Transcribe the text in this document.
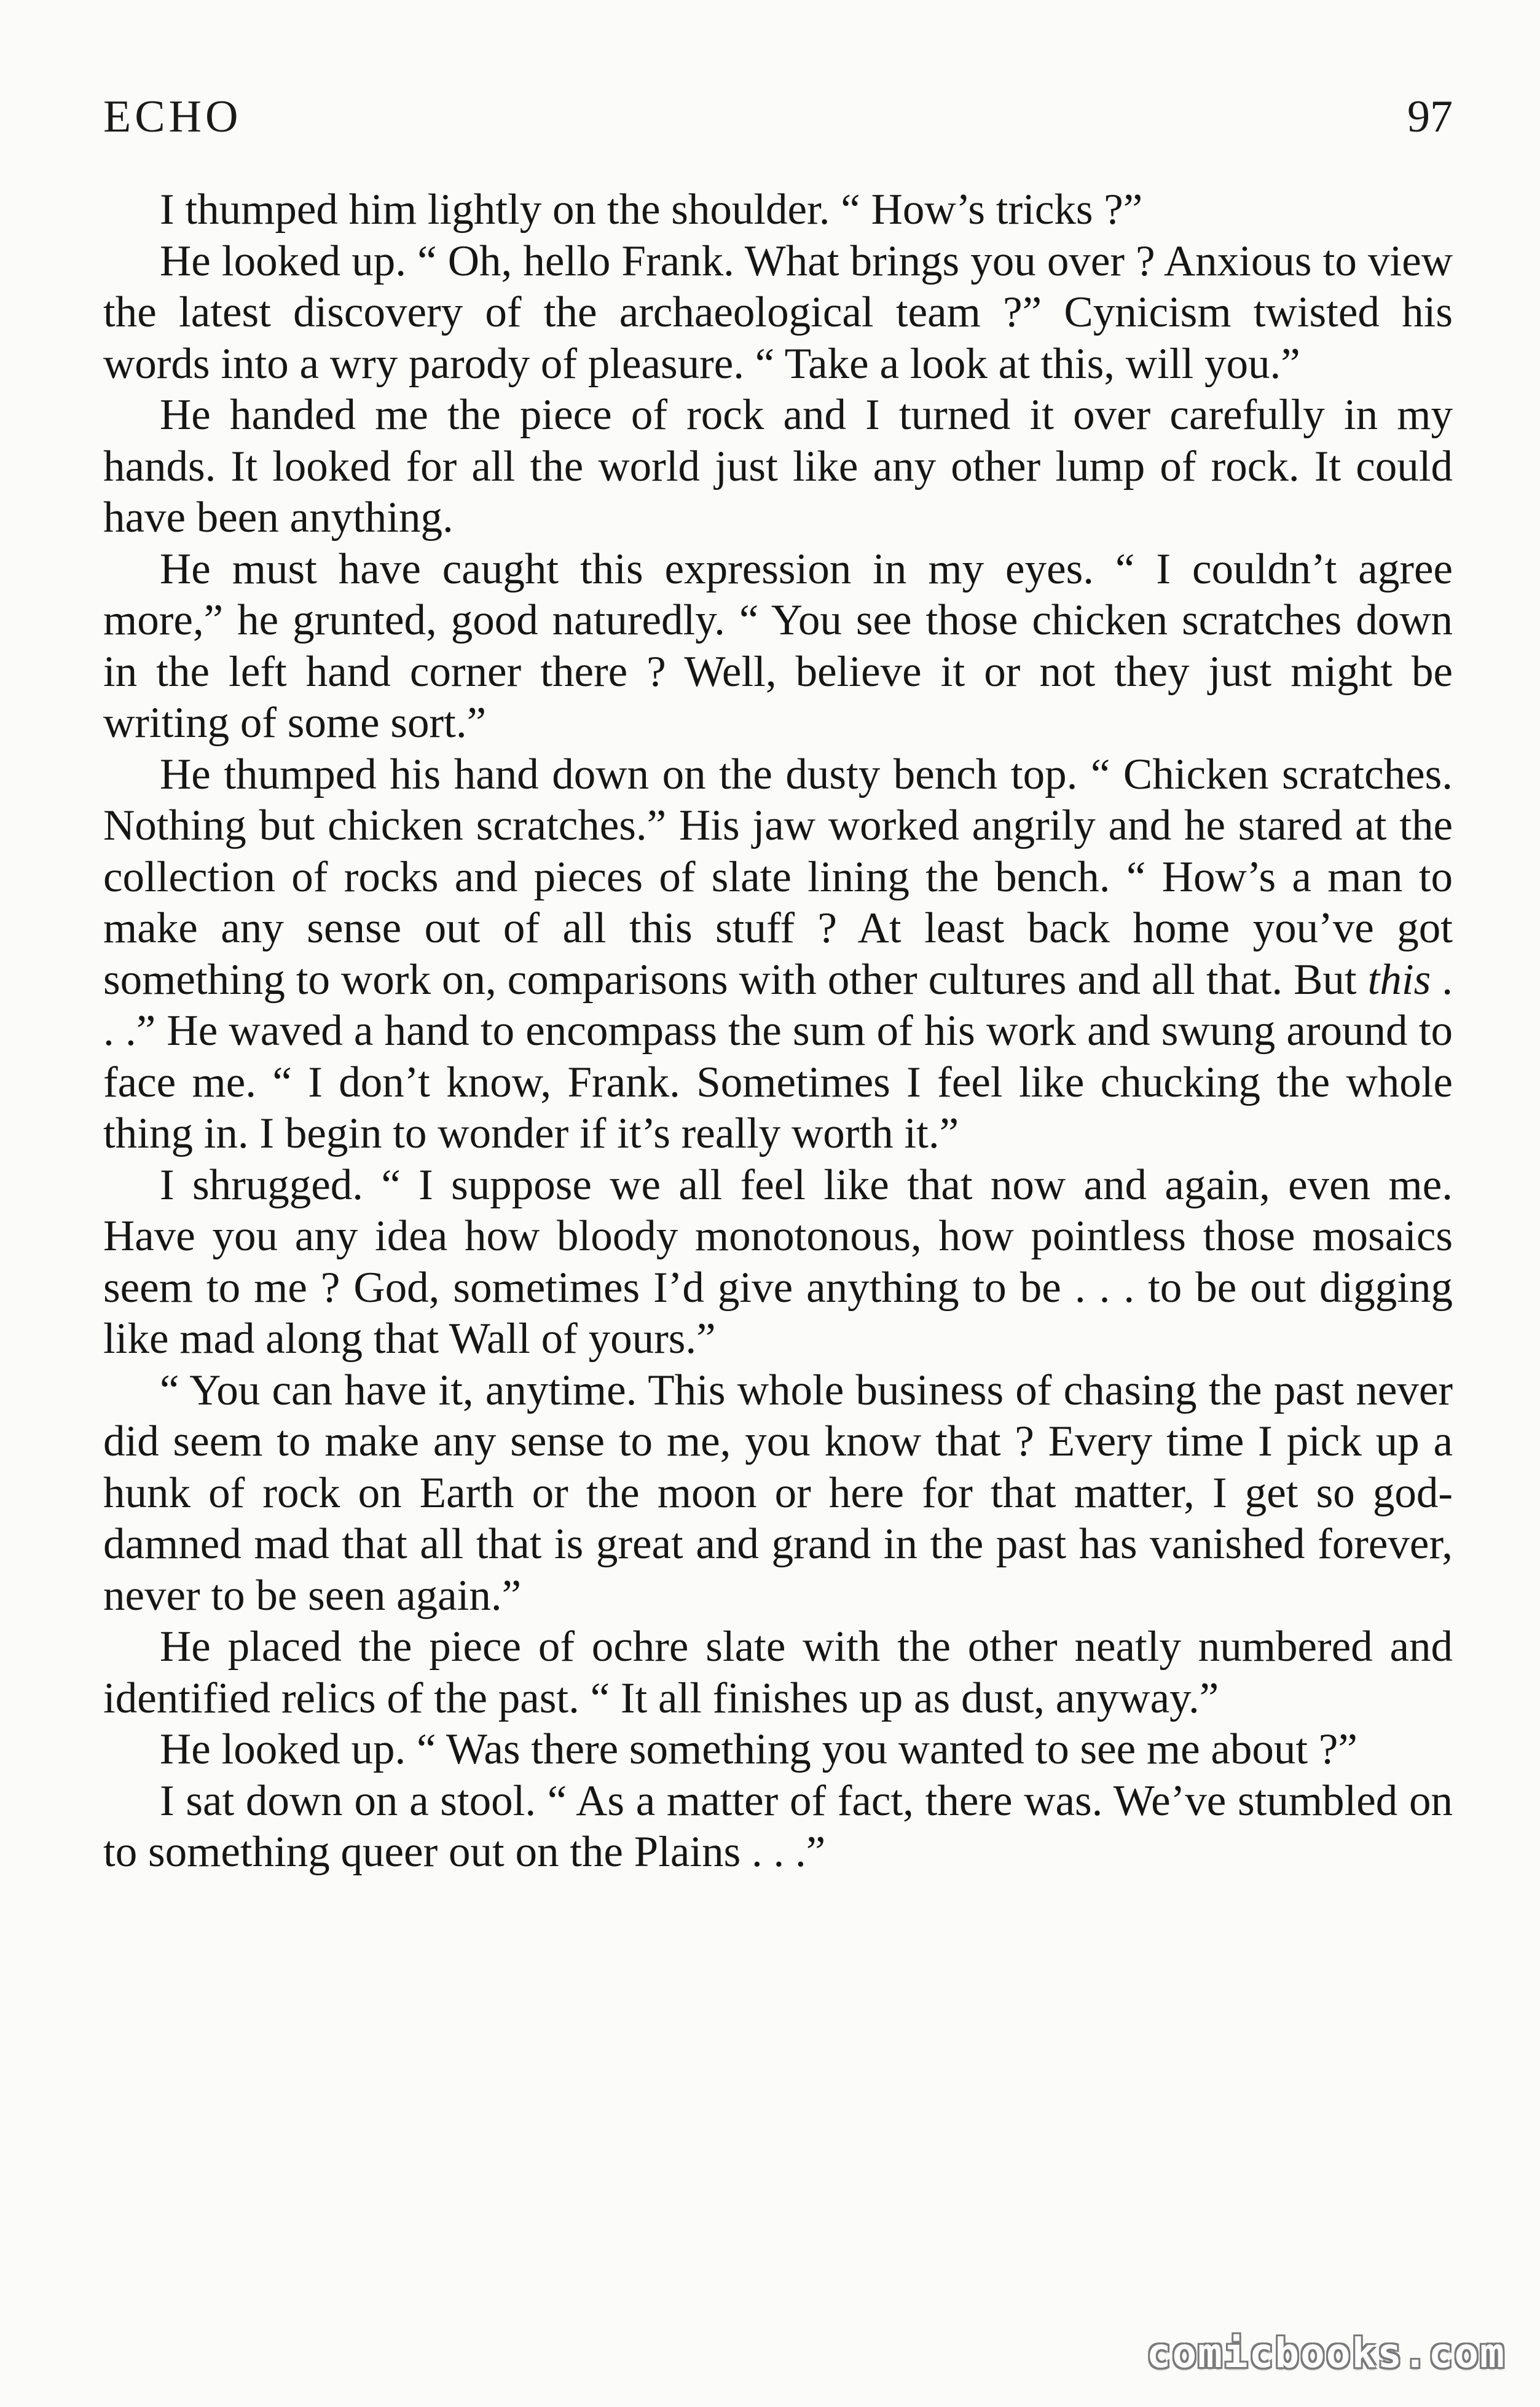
ECHO	97

I thumped him lightly on the shoulder. “ How’s tricks ?”

He looked up. “ Oh, hello Frank. What brings you over ? Anxious to view the latest discovery of the archaeological team ?” Cynicism twisted his words into a wry parody of pleasure. “ Take a look at this, will you.”

He handed me the piece of rock and I turned it over carefully in my hands. It looked for all the world just like any other lump of rock. It could have been anything.

He must have caught this expression in my eyes. “ I couldn’t agree more,” he grunted, good naturedly. “ You see those chicken scratches down in the left hand corner there ? Well, believe it or not they just might be writing of some sort.”

He thumped his hand down on the dusty bench top. “ Chicken scratches. Nothing but chicken scratches.” His jaw worked angrily and he stared at the collection of rocks and pieces of slate lining the bench. “ How’s a man to make any sense out of all this stuff ? At least back home you’ve got something to work on, comparisons with other cultures and all that. But this . . .” He waved a hand to encompass the sum of his work and swung around to face me. “ I don’t know, Frank. Sometimes I feel like chucking the whole thing in. I begin to wonder if it’s really worth it.”

I shrugged. “ I suppose we all feel like that now and again, even me. Have you any idea how bloody monotonous, how pointless those mosaics seem to me ? God, sometimes I’d give anything to be . . . to be out digging like mad along that Wall of yours.”

“ You can have it, anytime. This whole business of chasing the past never did seem to make any sense to me, you know that ? Every time I pick up a hunk of rock on Earth or the moon or here for that matter, I get so god-damned mad that all that is great and grand in the past has vanished forever, never to be seen again.”

He placed the piece of ochre slate with the other neatly numbered and identified relics of the past. “ It all finishes up as dust, anyway.”

He looked up. “ Was there something you wanted to see me about ?”

I sat down on a stool. “ As a matter of fact, there was. We’ve stumbled on to something queer out on the Plains . . .”

comicbooks.com
